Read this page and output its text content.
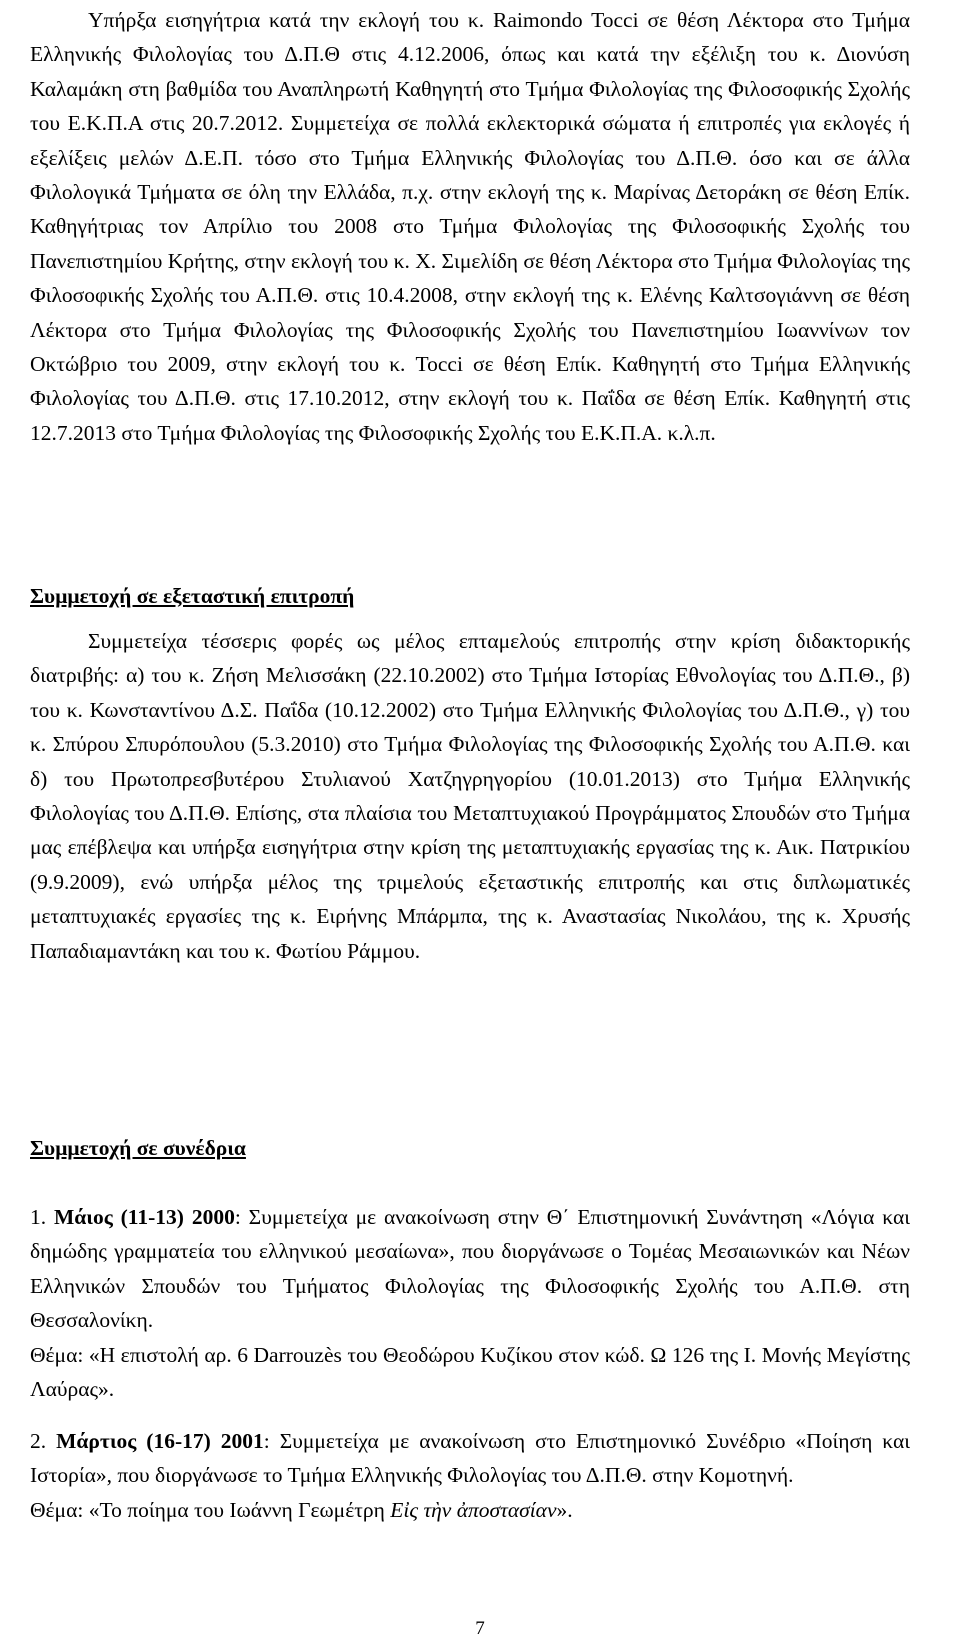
Υπήρξα εισηγήτρια κατά την εκλογή του κ. Raimondo Tocci σε θέση Λέκτορα στο Τμήμα Ελληνικής Φιλολογίας του Δ.Π.Θ στις 4.12.2006, όπως και κατά την εξέλιξη του κ. Διονύση Καλαμάκη στη βαθμίδα του Αναπληρωτή Καθηγητή στο Τμήμα Φιλολογίας της Φιλοσοφικής Σχολής του Ε.Κ.Π.Α στις 20.7.2012. Συμμετείχα σε πολλά εκλεκτορικά σώματα ή επιτροπές για εκλογές ή εξελίξεις μελών Δ.Ε.Π. τόσο στο Τμήμα Ελληνικής Φιλολογίας του Δ.Π.Θ. όσο και σε άλλα Φιλολογικά Τμήματα σε όλη την Ελλάδα, π.χ. στην εκλογή της κ. Μαρίνας Δετοράκη σε θέση Επίκ. Καθηγήτριας τον Απρίλιο του 2008 στο Τμήμα Φιλολογίας της Φιλοσοφικής Σχολής του Πανεπιστημίου Κρήτης, στην εκλογή του κ. Χ. Σιμελίδη σε θέση Λέκτορα στο Τμήμα Φιλολογίας της Φιλοσοφικής Σχολής του Α.Π.Θ. στις 10.4.2008, στην εκλογή της κ. Ελένης Καλτσογιάννη σε θέση Λέκτορα στο Τμήμα Φιλολογίας της Φιλοσοφικής Σχολής του Πανεπιστημίου Ιωαννίνων τον Οκτώβριο του 2009, στην εκλογή του κ. Tocci σε θέση Επίκ. Καθηγητή στο Τμήμα Ελληνικής Φιλολογίας του Δ.Π.Θ. στις 17.10.2012, στην εκλογή του κ. Παΐδα σε θέση Επίκ. Καθηγητή στις 12.7.2013 στο Τμήμα Φιλολογίας της Φιλοσοφικής Σχολής του Ε.Κ.Π.Α. κ.λ.π.

Συμμετοχή σε εξεταστική επιτροπή

Συμμετείχα τέσσερις φορές ως μέλος επταμελούς επιτροπής στην κρίση διδακτορικής διατριβής: α) του κ. Ζήση Μελισσάκη (22.10.2002) στο Τμήμα Ιστορίας Εθνολογίας του Δ.Π.Θ., β) του κ. Κωνσταντίνου Δ.Σ. Παΐδα (10.12.2002) στο Τμήμα Ελληνικής Φιλολογίας του Δ.Π.Θ., γ) του κ. Σπύρου Σπυρόπουλου (5.3.2010) στο Τμήμα Φιλολογίας της Φιλοσοφικής Σχολής του Α.Π.Θ. και δ) του Πρωτοπρεσβυτέρου Στυλιανού Χατζηγρηγορίου (10.01.2013) στο Τμήμα Ελληνικής Φιλολογίας του Δ.Π.Θ. Επίσης, στα πλαίσια του Μεταπτυχιακού Προγράμματος Σπουδών στο Τμήμα μας επέβλεψα και υπήρξα εισηγήτρια στην κρίση της μεταπτυχιακής εργασίας της κ. Αικ. Πατρικίου (9.9.2009), ενώ υπήρξα μέλος της τριμελούς εξεταστικής επιτροπής και στις διπλωματικές μεταπτυχιακές εργασίες της κ. Ειρήνης Μπάρμπα, της κ. Αναστασίας Νικολάου, της κ. Χρυσής Παπαδιαμαντάκη και του κ. Φωτίου Ράμμου.

Συμμετοχή σε συνέδρια

1. Μάιος (11-13) 2000: Συμμετείχα με ανακοίνωση στην Θ΄ Επιστημονική Συνάντηση «Λόγια και δημώδης γραμματεία του ελληνικού μεσαίωνα», που διοργάνωσε ο Τομέας Μεσαιωνικών και Νέων Ελληνικών Σπουδών του Τμήματος Φιλολογίας της Φιλοσοφικής Σχολής του Α.Π.Θ. στη Θεσσαλονίκη.

Θέμα: «Η επιστολή αρ. 6 Darrouzès του Θεοδώρου Κυζίκου στον κώδ. Ω 126 της Ι. Μονής Μεγίστης Λαύρας».

2. Μάρτιος (16-17) 2001: Συμμετείχα με ανακοίνωση στο Επιστημονικό Συνέδριο «Ποίηση και Ιστορία», που διοργάνωσε το Τμήμα Ελληνικής Φιλολογίας του Δ.Π.Θ. στην Κομοτηνή.

Θέμα: «Το ποίημα του Ιωάννη Γεωμέτρη Εἰς τὴν ἀποστασίαν».

7
